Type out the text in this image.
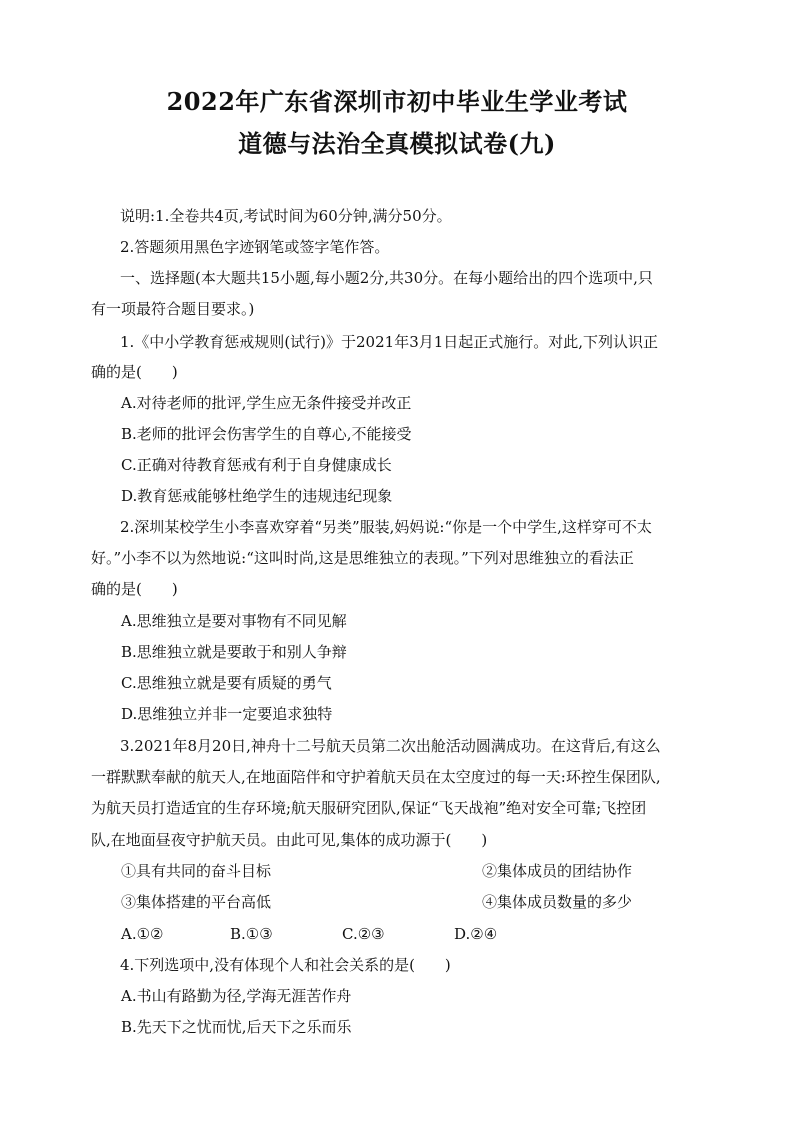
2022年广东省深圳市初中毕业生学业考试
道德与法治全真模拟试卷(九)
说明:1.全卷共4页,考试时间为60分钟,满分50分。
2.答题须用黑色字迹钢笔或签字笔作答。
一、选择题(本大题共15小题,每小题2分,共30分。在每小题给出的四个选项中,只
有一项最符合题目要求。)
1.《中小学教育惩戒规则(试行)》于2021年3月1日起正式施行。对此,下列认识正
确的是(　　)
A.对待老师的批评,学生应无条件接受并改正
B.老师的批评会伤害学生的自尊心,不能接受
C.正确对待教育惩戒有利于自身健康成长
D.教育惩戒能够杜绝学生的违规违纪现象
2.深圳某校学生小李喜欢穿着“另类”服装,妈妈说:“你是一个中学生,这样穿可不太
好。”小李不以为然地说:“这叫时尚,这是思维独立的表现。”下列对思维独立的看法正
确的是(　　)
A.思维独立是要对事物有不同见解
B.思维独立就是要敢于和别人争辩
C.思维独立就是要有质疑的勇气
D.思维独立并非一定要追求独特
3.2021年8月20日,神舟十二号航天员第二次出舱活动圆满成功。在这背后,有这么
一群默默奉献的航天人,在地面陪伴和守护着航天员在太空度过的每一天:环控生保团队,
为航天员打造适宜的生存环境;航天服研究团队,保证“飞天战袍”绝对安全可靠;飞控团
队,在地面昼夜守护航天员。由此可见,集体的成功源于(　　)
①具有共同的奋斗目标	②集体成员的团结协作
③集体搭建的平台高低	④集体成员数量的多少
A.①②	B.①③	C.②③	D.②④
4.下列选项中,没有体现个人和社会关系的是(　　)
A.书山有路勤为径,学海无涯苦作舟
B.先天下之忧而忧,后天下之乐而乐
